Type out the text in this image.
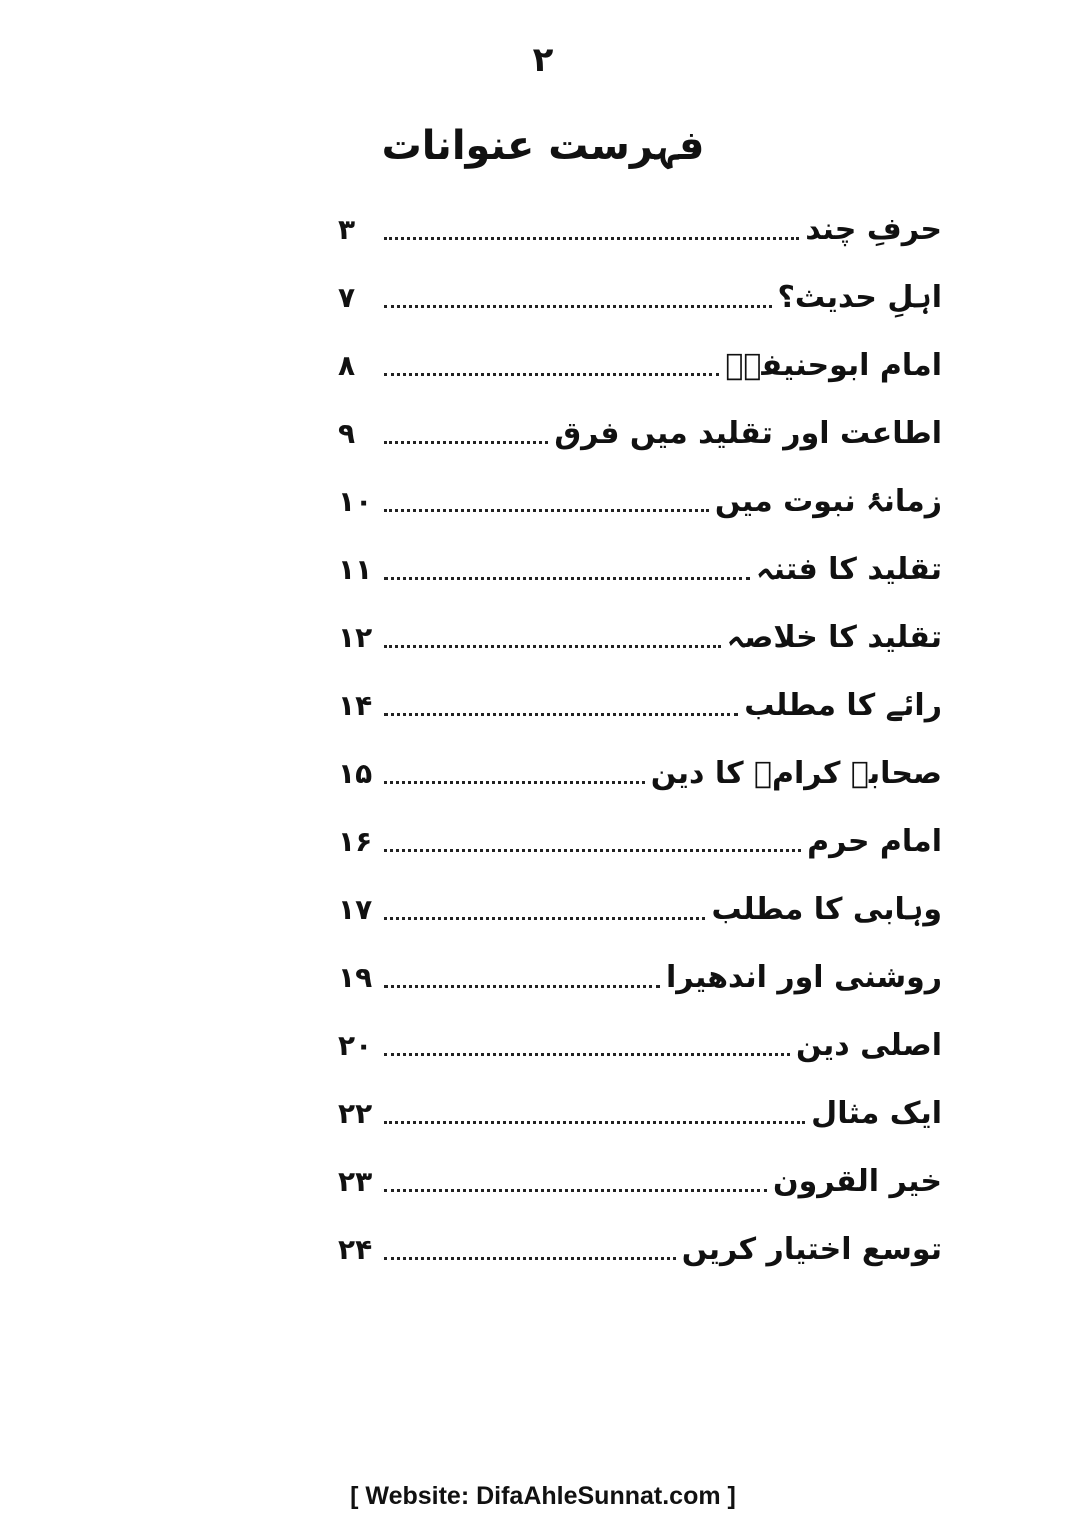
۲
فہرست عنوانات
حرفِ چند
۳
اہلِ حدیث؟
۷
امام ابوحنیفہؒ
۸
اطاعت اور تقلید میں فرق
۹
زمانۂ نبوت میں
۱۰
تقلید کا فتنہ
۱۱
تقلید کا خلاصہ
۱۲
رائے کا مطلب
۱۴
صحابۂ کرامؓ کا دین
۱۵
امام حرم
۱۶
وہابی کا مطلب
۱۷
روشنی اور اندھیرا
۱۹
اصلی دین
۲۰
ایک مثال
۲۲
خیر القرون
۲۳
توسع اختیار کریں
۲۴
[ Website: DifaAhleSunnat.com ]
